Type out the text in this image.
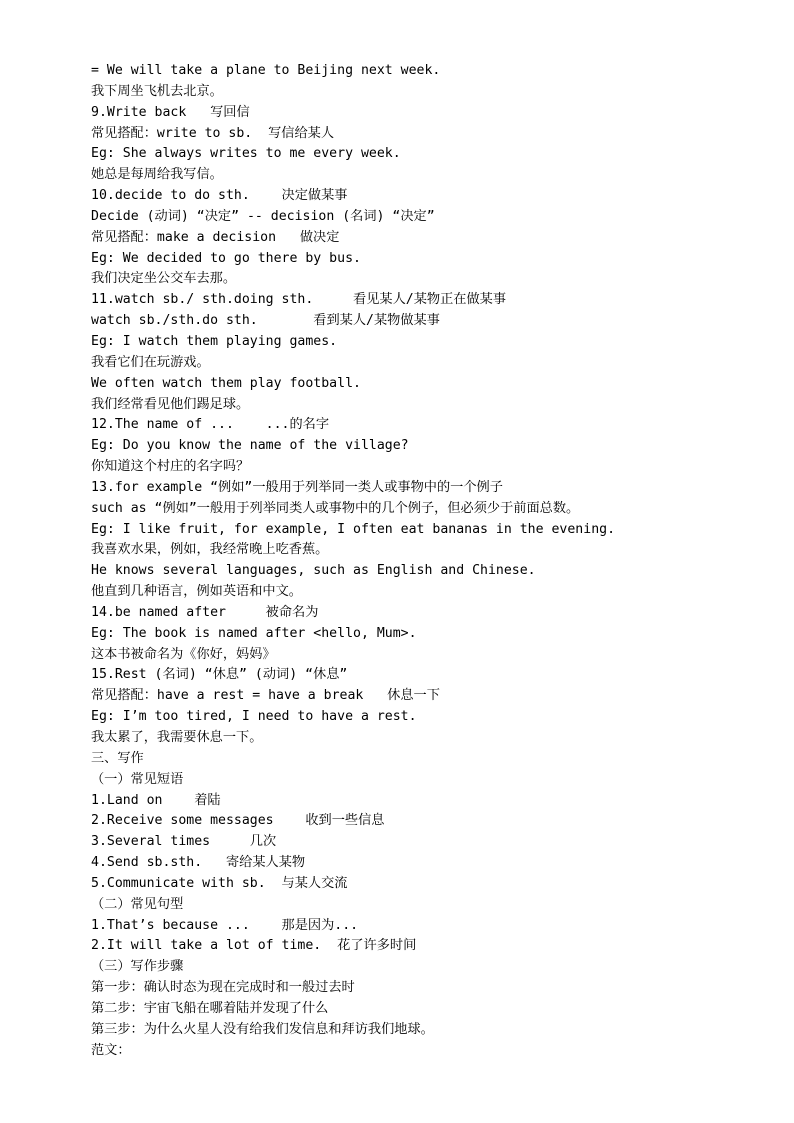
= We will take a plane to Beijing next week.
我下周坐飞机去北京。
9.Write back   写回信
常见搭配：write to sb.  写信给某人
Eg: She always writes to me every week.
她总是每周给我写信。
10.decide to do sth.    决定做某事
Decide (动词) “决定” -- decision (名词) “决定”
常见搭配：make a decision   做决定
Eg: We decided to go there by bus.
我们决定坐公交车去那。
11.watch sb./ sth.doing sth.     看见某人/某物正在做某事
watch sb./sth.do sth.       看到某人/某物做某事
Eg: I watch them playing games.
我看它们在玩游戏。
We often watch them play football.
我们经常看见他们踢足球。
12.The name of ...    ...的名字
Eg: Do you know the name of the village?
你知道这个村庄的名字吗？
13.for example “例如”一般用于列举同一类人或事物中的一个例子
such as “例如”一般用于列举同类人或事物中的几个例子，但必须少于前面总数。
Eg: I like fruit, for example, I often eat bananas in the evening.
我喜欢水果，例如，我经常晚上吃香蕉。
He knows several languages, such as English and Chinese.
他直到几种语言，例如英语和中文。
14.be named after     被命名为
Eg: The book is named after <hello, Mum>.
这本书被命名为《你好，妈妈》
15.Rest (名词) “休息” (动词) “休息”
常见搭配：have a rest = have a break   休息一下
Eg: I’m too tired, I need to have a rest.
我太累了，我需要休息一下。
三、写作
（一）常见短语
1.Land on    着陆
2.Receive some messages    收到一些信息
3.Several times     几次
4.Send sb.sth.   寄给某人某物
5.Communicate with sb.  与某人交流
（二）常见句型
1.That’s because ...    那是因为...
2.It will take a lot of time.  花了许多时间
（三）写作步骤
第一步：确认时态为现在完成时和一般过去时
第二步：宇宙飞船在哪着陆并发现了什么
第三步：为什么火星人没有给我们发信息和拜访我们地球。
范文：
